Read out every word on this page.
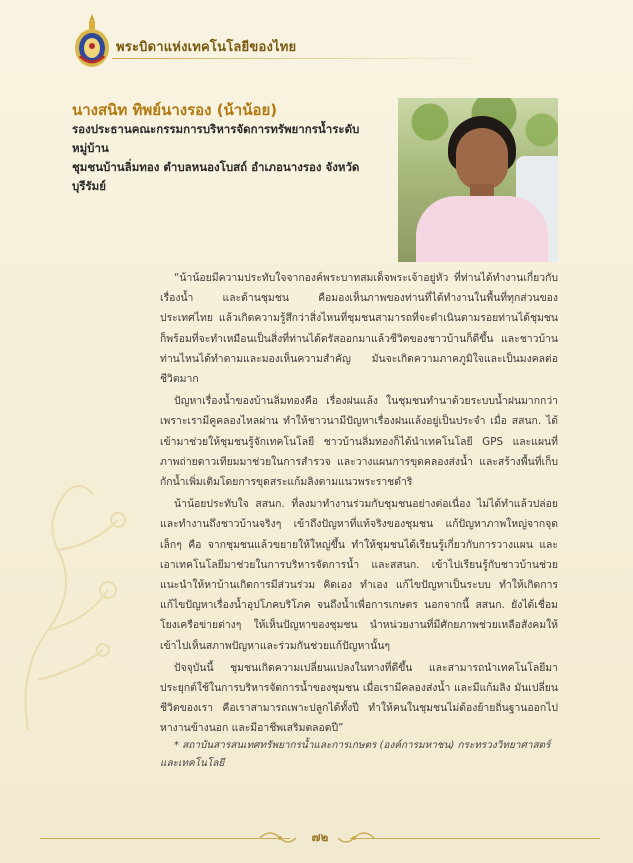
พระบิดาแห่งเทคโนโลยีของไทย
นางสนิท ทิพย์นางรอง (น้าน้อย)
รองประธานคณะกรรมการบริหารจัดการทรัพยากรน้ำระดับหมู่บ้าน
ชุมชนบ้านลิ่มทอง ตำบลหนองโบสถ์ อำเภอนางรอง จังหวัดบุรีรัมย์

“น้าน้อยมีความประทับใจจากองค์พระบาทสมเด็จพระเจ้าอยู่หัว ที่ท่านได้ทำงานเกี่ยวกับเรื่องน้ำ และด้านชุมชน คือมองเห็นภาพของท่านที่ได้ทำงานในพื้นที่ทุกส่วนของประเทศไทย แล้วเกิดความรู้สึกว่าสิ่งไหนที่ชุมชนสามารถที่จะดำเนินตามรอยท่านได้ชุมชนก็พร้อมที่จะทำเหมือนเป็นสิ่งที่ท่านได้ตรัสออกมาแล้วชีวิตของชาวบ้านก็ดีขึ้น และชาวบ้านท่านไหนได้ทำตามและมองเห็นความสำคัญ มันจะเกิดความภาคภูมิใจและเป็นมงคลต่อชีวิตมาก

ปัญหาเรื่องน้ำของบ้านลิ่มทองคือ เรื่องฝนแล้ง ในชุมชนทำนาด้วยระบบน้ำฝนมากกว่าเพราะเรามีคูคลองไหลผ่าน ทำให้ชาวนามีปัญหาเรื่องฝนแล้งอยู่เป็นประจำ เมื่อ สสนก. ได้เข้ามาช่วยให้ชุมชนรู้จักเทคโนโลยี ชาวบ้านลิ่มทองก็ได้นำเทคโนโลยี GPS และแผนที่ภาพถ่ายดาวเทียมมาช่วยในการสำรวจ และวางแผนการขุดคลองส่งน้ำ และสร้างพื้นที่เก็บกักน้ำเพิ่มเติมโดยการขุดสระแก้มลิงตามแนวพระราชดำริ

น้าน้อยประทับใจ สสนก. ที่ลงมาทำงานร่วมกับชุมชนอย่างต่อเนื่อง ไม่ได้ทำแล้วปล่อย และทำงานถึงชาวบ้านจริงๆ เข้าถึงปัญหาที่แท้จริงของชุมชน แก้ปัญหาภาพใหญ่จากจุดเล็กๆ คือ จากชุมชนแล้วขยายให้ใหญ่ขึ้น ทำให้ชุมชนได้เรียนรู้เกี่ยวกับการวางแผน และเอาเทคโนโลยีมาช่วยในการบริหารจัดการน้ำ และสสนก. เข้าไปเรียนรู้กับชาวบ้านช่วยแนะนำให้หาบ้านเกิดการมีส่วนร่วม คิดเอง ทำเอง แก้ไขปัญหาเป็นระบบ ทำให้เกิดการแก้ไขปัญหาเรื่องน้ำอุปโภคบริโภค จนถึงน้ำเพื่อการเกษตร นอกจากนี้ สสนก. ยังได้เชื่อมโยงเครือข่ายต่างๆ ให้เห็นปัญหาของชุมชน นำหน่วยงานที่มีศักยภาพช่วยเหลือสังคมให้เข้าไปเห็นสภาพปัญหาและร่วมกันช่วยแก้ปัญหานั้นๆ

ปัจจุบันนี้ ชุมชนเกิดความเปลี่ยนแปลงในทางที่ดีขึ้น และสามารถนำเทคโนโลยีมาประยุกต์ใช้ในการบริหารจัดการน้ำของชุมชน เมื่อเรามีคลองส่งน้ำ และมีแก้มลิง มันเปลี่ยนชีวิตของเรา คือเราสามารถเพาะปลูกได้ทั้งปี ทำให้คนในชุมชนไม่ต้องย้ายถิ่นฐานออกไปหางานข้างนอก และมีอาชีพเสริมตลอดปี”

* สถาบันสารสนเทศทรัพยากรน้ำและการเกษตร (องค์การมหาชน) กระทรวงวิทยาศาสตร์และเทคโนโลยี
๗๒
